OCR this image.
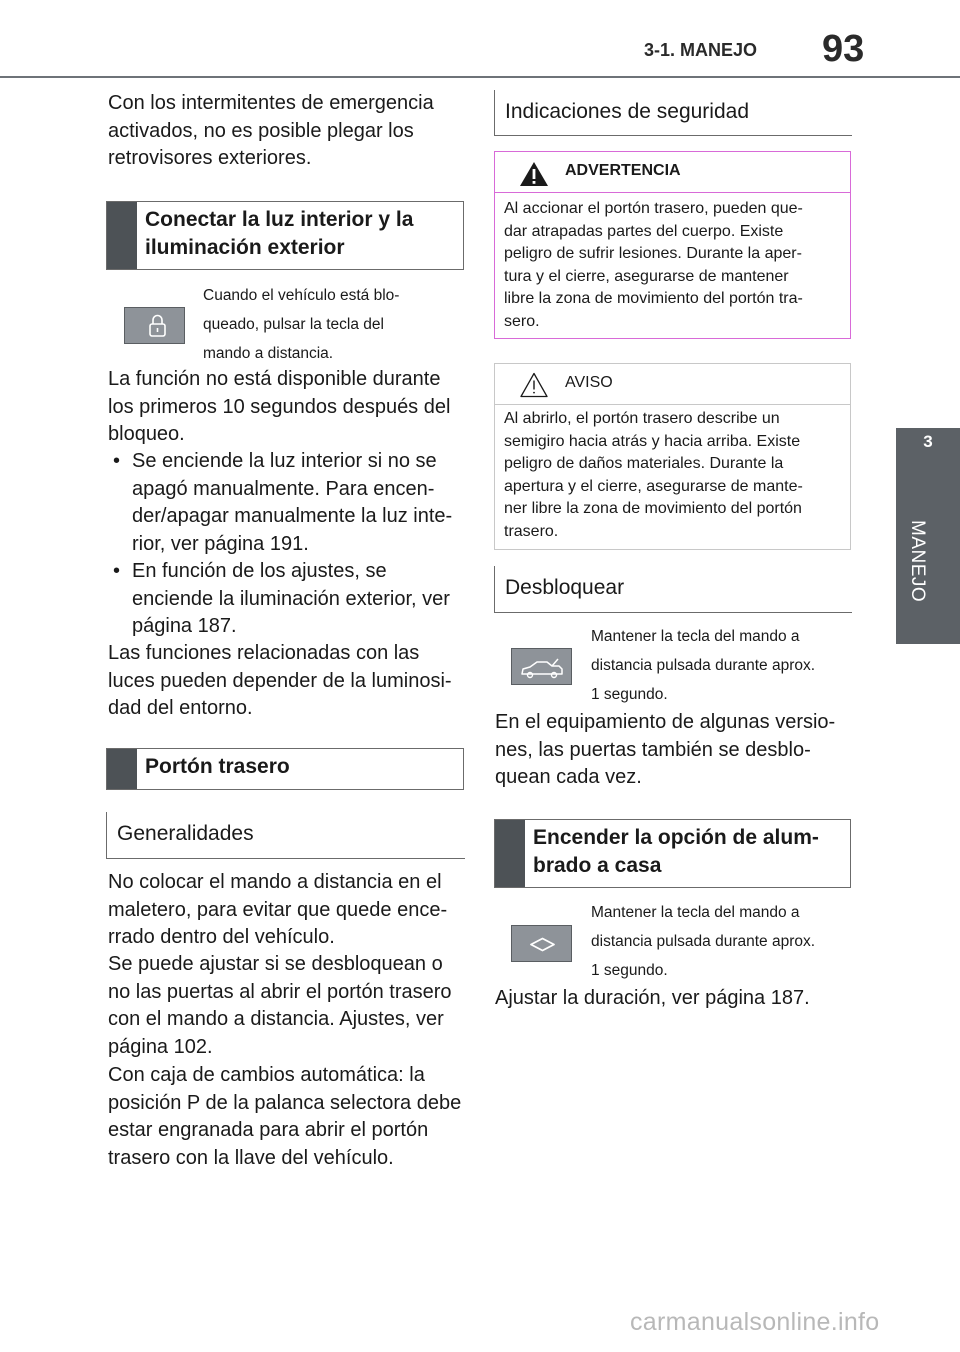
3-1. MANEJO 93
3
MANEJO
Con los intermitentes de emergencia
activados, no es posible plegar los
retrovisores exteriores.
Conectar la luz interior y la
iluminación exterior
Cuando el vehículo está blo-
queado, pulsar la tecla del
mando a distancia.
La función no está disponible durante
los primeros 10 segundos después del
bloqueo.
• Se enciende la luz interior si no se
apagó manualmente. Para encen-
der/apagar manualmente la luz inte-
rior, ver página 191.
• En función de los ajustes, se
enciende la iluminación exterior, ver
página 187.
Las funciones relacionadas con las
luces pueden depender de la luminosi-
dad del entorno.
Portón trasero
Generalidades
No colocar el mando a distancia en el
maletero, para evitar que quede ence-
rrado dentro del vehículo.
Se puede ajustar si se desbloquean o
no las puertas al abrir el portón trasero
con el mando a distancia. Ajustes, ver
página 102.
Con caja de cambios automática: la
posición P de la palanca selectora debe
estar engranada para abrir el portón
trasero con la llave del vehículo.
Indicaciones de seguridad
ADVERTENCIA
Al accionar el portón trasero, pueden que-
dar atrapadas partes del cuerpo. Existe
peligro de sufrir lesiones. Durante la aper-
tura y el cierre, asegurarse de mantener
libre la zona de movimiento del portón tra-
sero.
AVISO
Al abrirlo, el portón trasero describe un
semigiro hacia atrás y hacia arriba. Existe
peligro de daños materiales. Durante la
apertura y el cierre, asegurarse de mante-
ner libre la zona de movimiento del portón
trasero.
Desbloquear
Mantener la tecla del mando a
distancia pulsada durante aprox.
1 segundo.
En el equipamiento de algunas versio-
nes, las puertas también se desblo-
quean cada vez.
Encender la opción de alum-
brado a casa
Mantener la tecla del mando a
distancia pulsada durante aprox.
1 segundo.
Ajustar la duración, ver página 187.
carmanualsonline.info
